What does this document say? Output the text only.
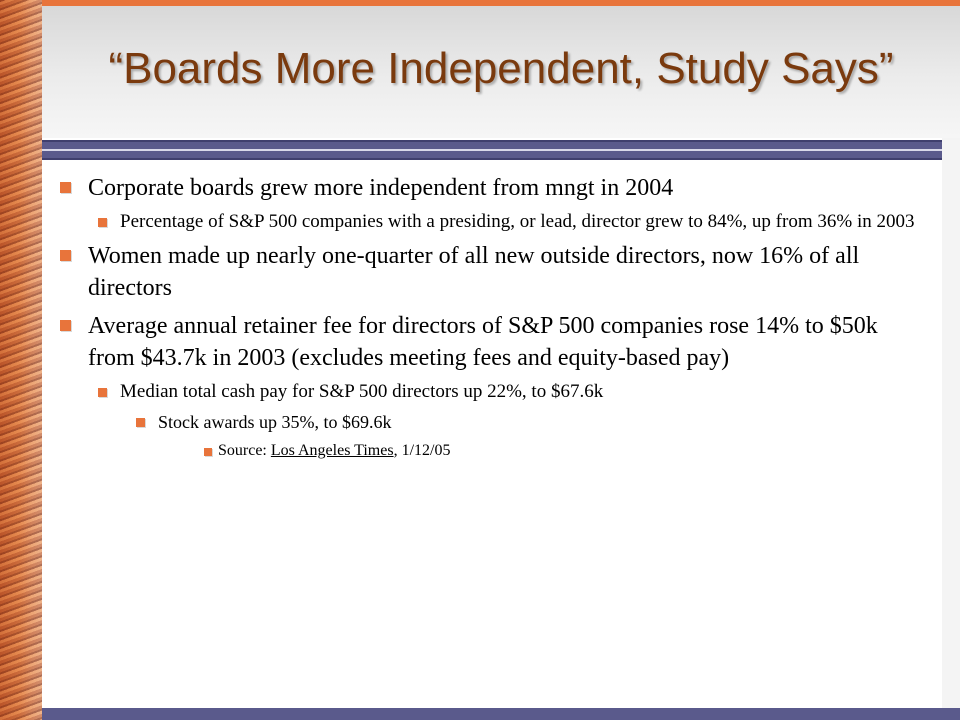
“Boards More Independent, Study Says”
Corporate boards grew more independent from mngt in 2004
Percentage of S&P 500 companies with a presiding, or lead, director grew to 84%, up from 36% in 2003
Women made up nearly one-quarter of all new outside directors, now 16% of all directors
Average annual retainer fee for directors of S&P 500 companies rose 14% to $50k from $43.7k in 2003 (excludes meeting fees and equity-based pay)
Median total cash pay for S&P 500 directors up 22%, to $67.6k
Stock awards up 35%, to $69.6k
Source: Los Angeles Times, 1/12/05
